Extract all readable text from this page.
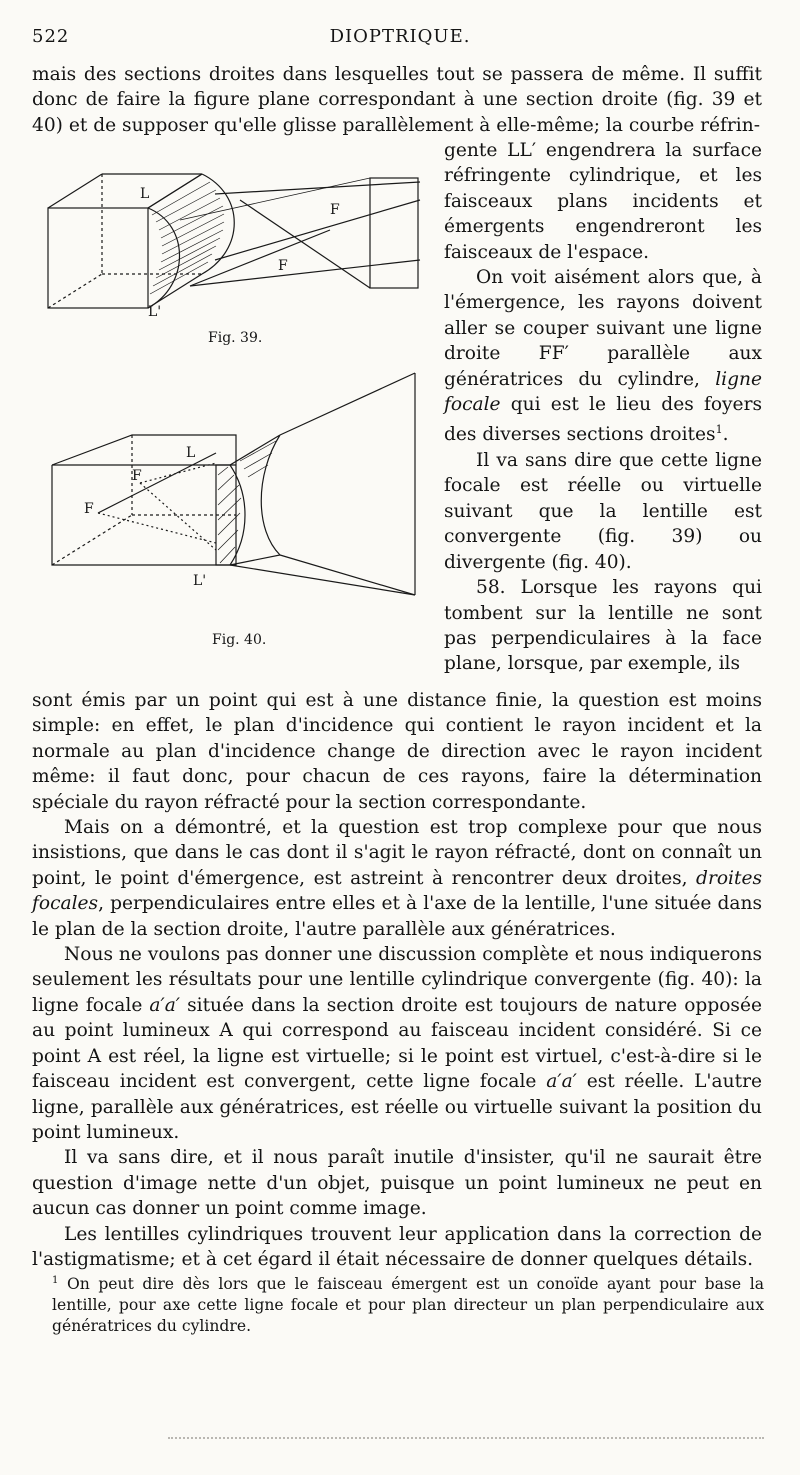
522	DIOPTRIQUE.
mais des sections droites dans lesquelles tout se passera de même. Il suffit donc de faire la figure plane correspondant à une section droite (fig. 39 et 40) et de supposer qu'elle glisse parallèlement à elle-même; la courbe réfrin-
L
L'
F
F
Fig. 39.
L
L'
F
F
Fig. 40.
gente LL′ engendrera la surface réfringente cylindrique, et les faisceaux plans incidents et émergents engendreront les faisceaux de l'espace.
On voit aisément alors que, à l'émergence, les rayons doivent aller se couper suivant une ligne droite FF′ parallèle aux génératrices du cylindre, ligne focale qui est le lieu des foyers des diverses sections droites$^1$.
Il va sans dire que cette ligne focale est réelle ou virtuelle suivant que la lentille est convergente (fig. 39) ou divergente (fig. 40).
58. Lorsque les rayons qui tombent sur la lentille ne sont pas perpendiculaires à la face plane, lorsque, par exemple, ils
sont émis par un point qui est à une distance finie, la question est moins simple: en effet, le plan d'incidence qui contient le rayon incident et la normale au plan d'incidence change de direction avec le rayon incident même: il faut donc, pour chacun de ces rayons, faire la détermination spéciale du rayon réfracté pour la section correspondante.
Mais on a démontré, et la question est trop complexe pour que nous insistions, que dans le cas dont il s'agit le rayon réfracté, dont on connaît un point, le point d'émergence, est astreint à rencontrer deux droites, droites focales, perpendiculaires entre elles et à l'axe de la lentille, l'une située dans le plan de la section droite, l'autre parallèle aux génératrices.
Nous ne voulons pas donner une discussion complète et nous indiquerons seulement les résultats pour une lentille cylindrique convergente (fig. 40): la ligne focale a′a′ située dans la section droite est toujours de nature opposée au point lumineux A qui correspond au faisceau incident considéré. Si ce point A est réel, la ligne est virtuelle; si le point est virtuel, c'est-à-dire si le faisceau incident est convergent, cette ligne focale a′a′ est réelle. L'autre ligne, parallèle aux génératrices, est réelle ou virtuelle suivant la position du point lumineux.
Il va sans dire, et il nous paraît inutile d'insister, qu'il ne saurait être question d'image nette d'un objet, puisque un point lumineux ne peut en aucun cas donner un point comme image.
Les lentilles cylindriques trouvent leur application dans la correction de l'astigmatisme; et à cet égard il était nécessaire de donner quelques détails.
$^1$ On peut dire dès lors que le faisceau émergent est un conoïde ayant pour base la lentille, pour axe cette ligne focale et pour plan directeur un plan perpendiculaire aux génératrices du cylindre.
